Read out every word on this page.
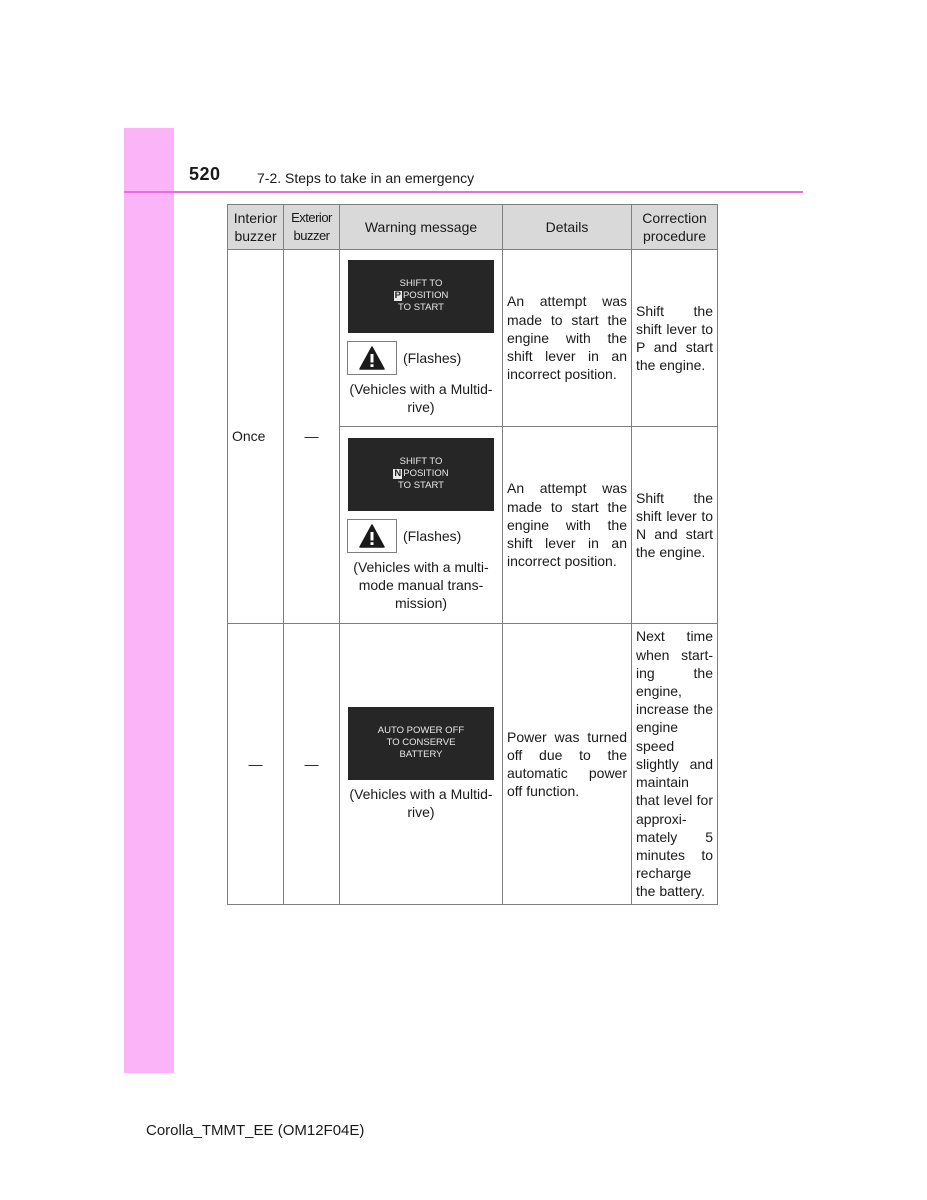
520	7-2. Steps to take in an emergency
Interior buzzer	Exterior buzzer	Warning message	Details	Correction procedure
Once	—	SHIFT TO
P POSITION
TO START
(Flashes)
(Vehicles with a Multid-rive)	An attempt was made to start the engine with the shift lever in an incorrect position.	Shift the shift lever to P and start the engine.

		SHIFT TO
N POSITION
TO START
(Flashes)
(Vehicles with a multi-mode manual trans-mission)	An attempt was made to start the engine with the shift lever in an incorrect position.	Shift the shift lever to N and start the engine.
—	—	AUTO POWER OFF
TO CONSERVE
BATTERY
(Vehicles with a Multid-rive)	Power was turned off due to the automatic power off function.	Next time when start-ing the engine, increase the engine speed slightly and maintain that level for approxi-mately 5 minutes to recharge the battery.
Corolla_TMMT_EE (OM12F04E)
